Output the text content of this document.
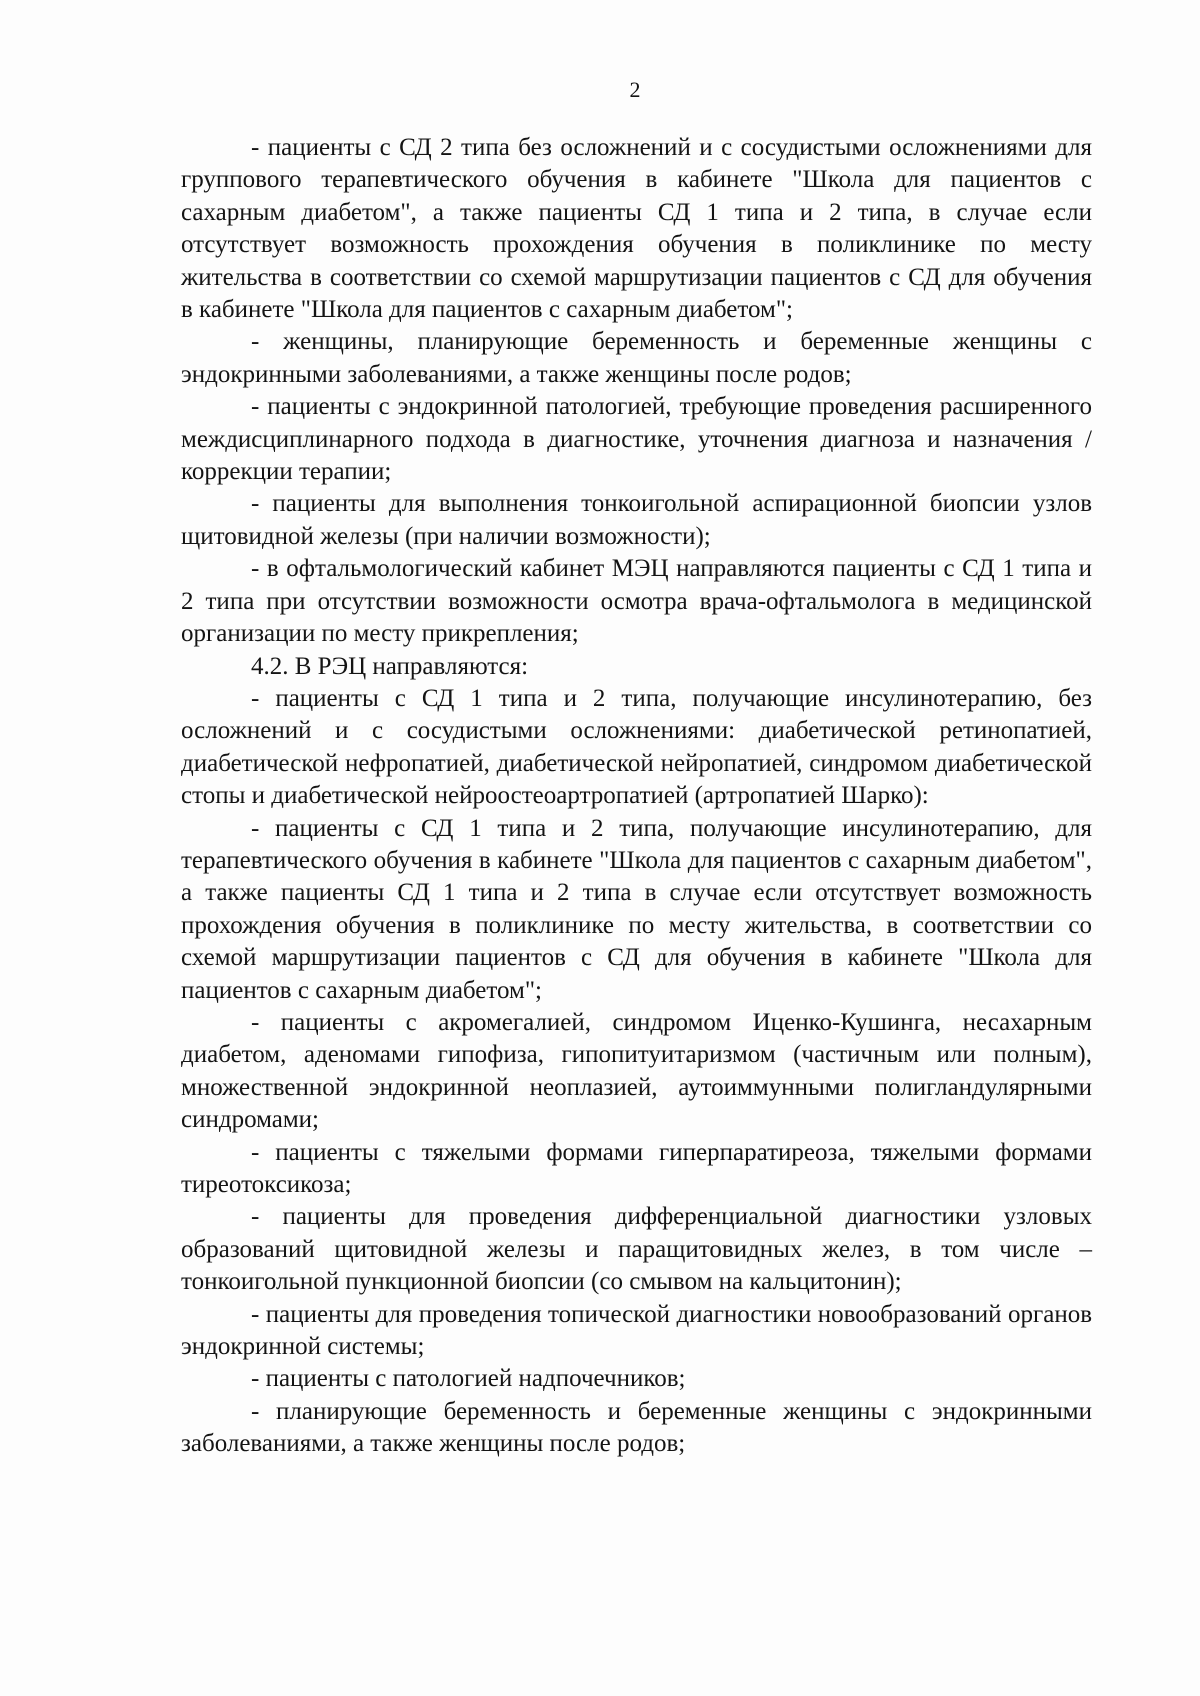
2

- пациенты с СД 2 типа без осложнений и с сосудистыми осложнениями для группового терапевтического обучения в кабинете "Школа для пациентов с сахарным диабетом", а также пациенты СД 1 типа и 2 типа, в случае если отсутствует возможность прохождения обучения в поликлинике по месту жительства в соответствии со схемой маршрутизации пациентов с СД для обучения в кабинете "Школа для пациентов с сахарным диабетом";

- женщины, планирующие беременность и беременные женщины с эндокринными заболеваниями, а также женщины после родов;

- пациенты с эндокринной патологией, требующие проведения расширенного междисциплинарного подхода в диагностике, уточнения диагноза и назначения / коррекции терапии;

- пациенты для выполнения тонкоигольной аспирационной биопсии узлов щитовидной железы (при наличии возможности);

- в офтальмологический кабинет МЭЦ направляются пациенты с СД 1 типа и 2 типа при отсутствии возможности осмотра врача-офтальмолога в медицинской организации по месту прикрепления;

4.2. В РЭЦ направляются:

- пациенты с СД 1 типа и 2 типа, получающие инсулинотерапию, без осложнений и с сосудистыми осложнениями: диабетической ретинопатией, диабетической нефропатией, диабетической нейропатией, синдромом диабетической стопы и диабетической нейроостеоартропатией (артропатией Шарко):

- пациенты с СД 1 типа и 2 типа, получающие инсулинотерапию, для терапевтического обучения в кабинете "Школа для пациентов с сахарным диабетом", а также пациенты СД 1 типа и 2 типа в случае если отсутствует возможность прохождения обучения в поликлинике по месту жительства, в соответствии со схемой маршрутизации пациентов с СД для обучения в кабинете "Школа для пациентов с сахарным диабетом";

- пациенты с акромегалией, синдромом Иценко-Кушинга, несахарным диабетом, аденомами гипофиза, гипопитуитаризмом (частичным или полным), множественной эндокринной неоплазией, аутоиммунными полигландулярными синдромами;

- пациенты с тяжелыми формами гиперпаратиреоза, тяжелыми формами тиреотоксикоза;

- пациенты для проведения дифференциальной диагностики узловых образований щитовидной железы и паращитовидных желез, в том числе – тонкоигольной пункционной биопсии (со смывом на кальцитонин);

- пациенты для проведения топической диагностики новообразований органов эндокринной системы;

- пациенты с патологией надпочечников;

- планирующие беременность и беременные женщины с эндокринными заболеваниями, а также женщины после родов;
